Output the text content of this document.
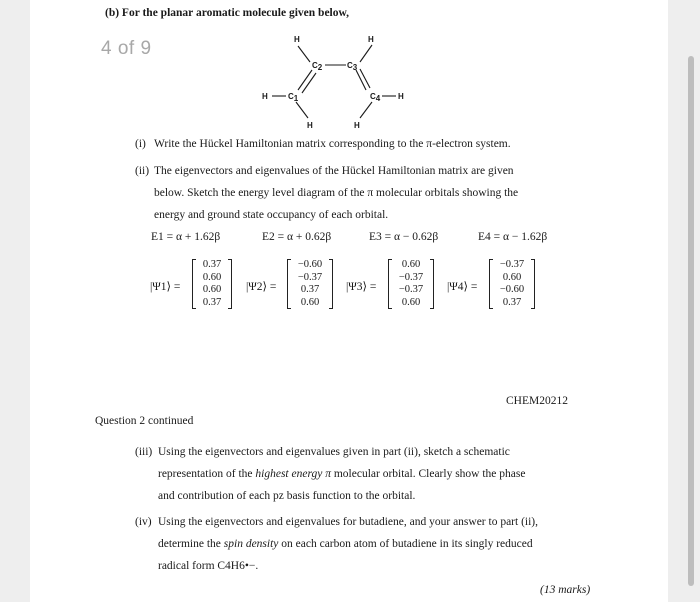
(b) For the planar aromatic molecule given below,
4 of 9	H	H
C2	C3
H	C1	C4 H
H	H
(i) Write the Hückel Hamiltonian matrix corresponding to the π-electron system.
(ii) The eigenvectors and eigenvalues of the Hückel Hamiltonian matrix are given
below. Sketch the energy level diagram of the π molecular orbitals showing the
energy and ground state occupancy of each orbital.
E1 = α + 1.62β	E2 = α + 0.62β	E3 = α − 0.62β	E4 = α − 1.62β
|Ψ1⟩ =
0.37
0.60
0.60
0.37
|Ψ2⟩ =
−0.60
−0.37
0.37
0.60
|Ψ3⟩ =
0.60
−0.37
−0.37
0.60
|Ψ4⟩ =
−0.37
0.60
−0.60
0.37
CHEM20212
Question 2 continued
(iii) Using the eigenvectors and eigenvalues given in part (ii), sketch a schematic
representation of the highest energy π molecular orbital. Clearly show the phase
and contribution of each pz basis function to the orbital.
(iv) Using the eigenvectors and eigenvalues for butadiene, and your answer to part (ii),
determine the spin density on each carbon atom of butadiene in its singly reduced
radical form C4H6•−.
(13 marks)
